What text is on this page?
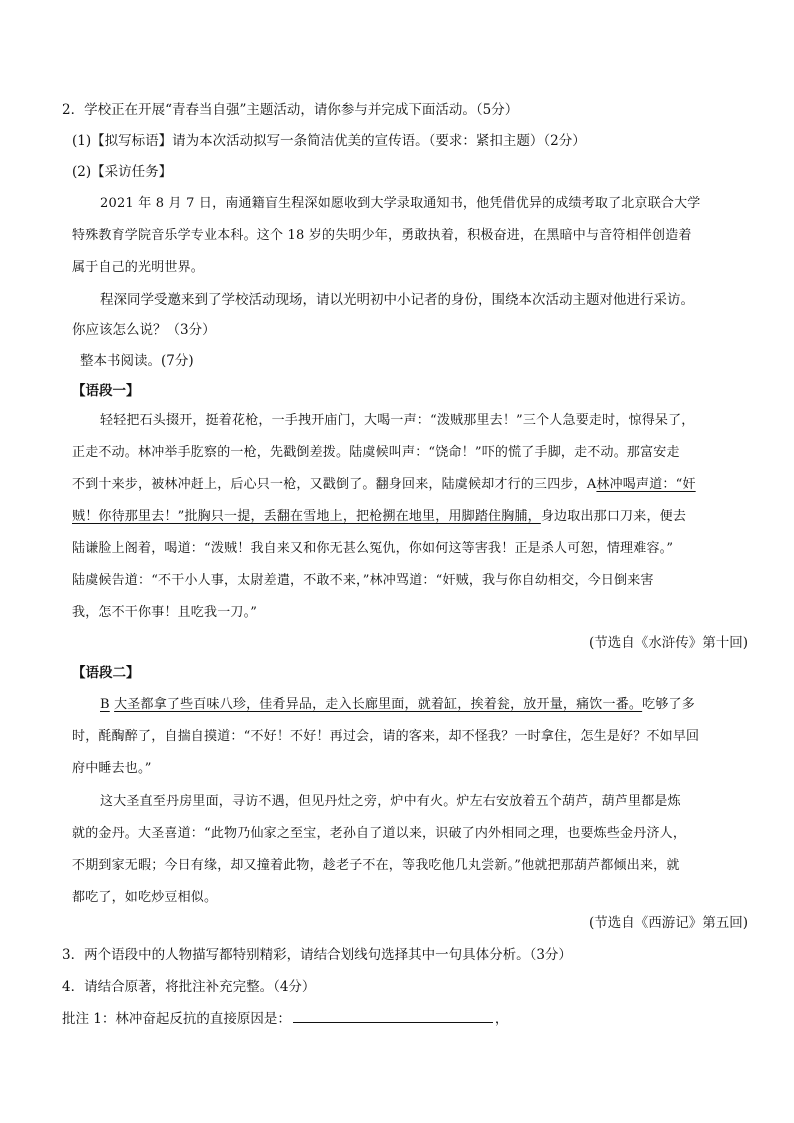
2．学校正在开展“青春当自强”主题活动，请你参与并完成下面活动。（5分）
(1)【拟写标语】请为本次活动拟写一条简洁优美的宣传语。（要求：紧扣主题）（2分）
(2)【采访任务】
2021 年 8 月 7 日，南通籍盲生程深如愿收到大学录取通知书，他凭借优异的成绩考取了北京联合大学
特殊教育学院音乐学专业本科。这个 18 岁的失明少年，勇敢执着，积极奋进，在黑暗中与音符相伴创造着
属于自己的光明世界。
程深同学受邀来到了学校活动现场，请以光明初中小记者的身份，围绕本次活动主题对他进行采访。
你应该怎么说？（3分）
整本书阅读。(7分)
【语段一】
轻轻把石头掇开，挺着花枪，一手拽开庙门，大喝一声：“泼贼那里去！”三个人急要走时，惊得呆了，
正走不动。林冲举手肐察的一枪，先戳倒差拨。陆虞候叫声：“饶命！”吓的慌了手脚，走不动。那富安走
不到十来步，被林冲赶上，后心只一枪，又戳倒了。翻身回来，陆虞候却才行的三四步，A林冲喝声道：“奸
贼！你待那里去！”批胸只一提，丢翻在雪地上，把枪搠在地里，用脚踏住胸脯，身边取出那口刀来，便去
陆谦脸上阁着，喝道：“泼贼！我自来又和你无甚么冤仇，你如何这等害我！正是杀人可恕，情理难容。”
陆虞候告道：“不干小人事，太尉差遣，不敢不来，”林冲骂道：“奸贼，我与你自幼相交，今日倒来害
我，怎不干你事！且吃我一刀。”
(节选自《水浒传》第十回)
【语段二】
B 大圣都拿了些百味八珍，佳肴异品，走入长廊里面，就着缸，挨着瓮，放开量，痛饮一番。吃够了多
时，酕醄醉了，自揣自摸道：“不好！不好！再过会，请的客来，却不怪我？一时拿住，怎生是好？不如早回
府中睡去也。”
这大圣直至丹房里面，寻访不遇，但见丹灶之旁，炉中有火。炉左右安放着五个葫芦，葫芦里都是炼
就的金丹。大圣喜道：“此物乃仙家之至宝，老孙自了道以来，识破了内外相同之理，也要炼些金丹济人，
不期到家无暇；今日有缘，却又撞着此物，趁老子不在，等我吃他几丸尝新。”他就把那葫芦都倾出来，就
都吃了，如吃炒豆相似。
(节选自《西游记》第五回)
3．两个语段中的人物描写都特别精彩，请结合划线句选择其中一句具体分析。（3分）
4．请结合原著，将批注补充完整。（4分）
批注 1：林冲奋起反抗的直接原因是：	，
